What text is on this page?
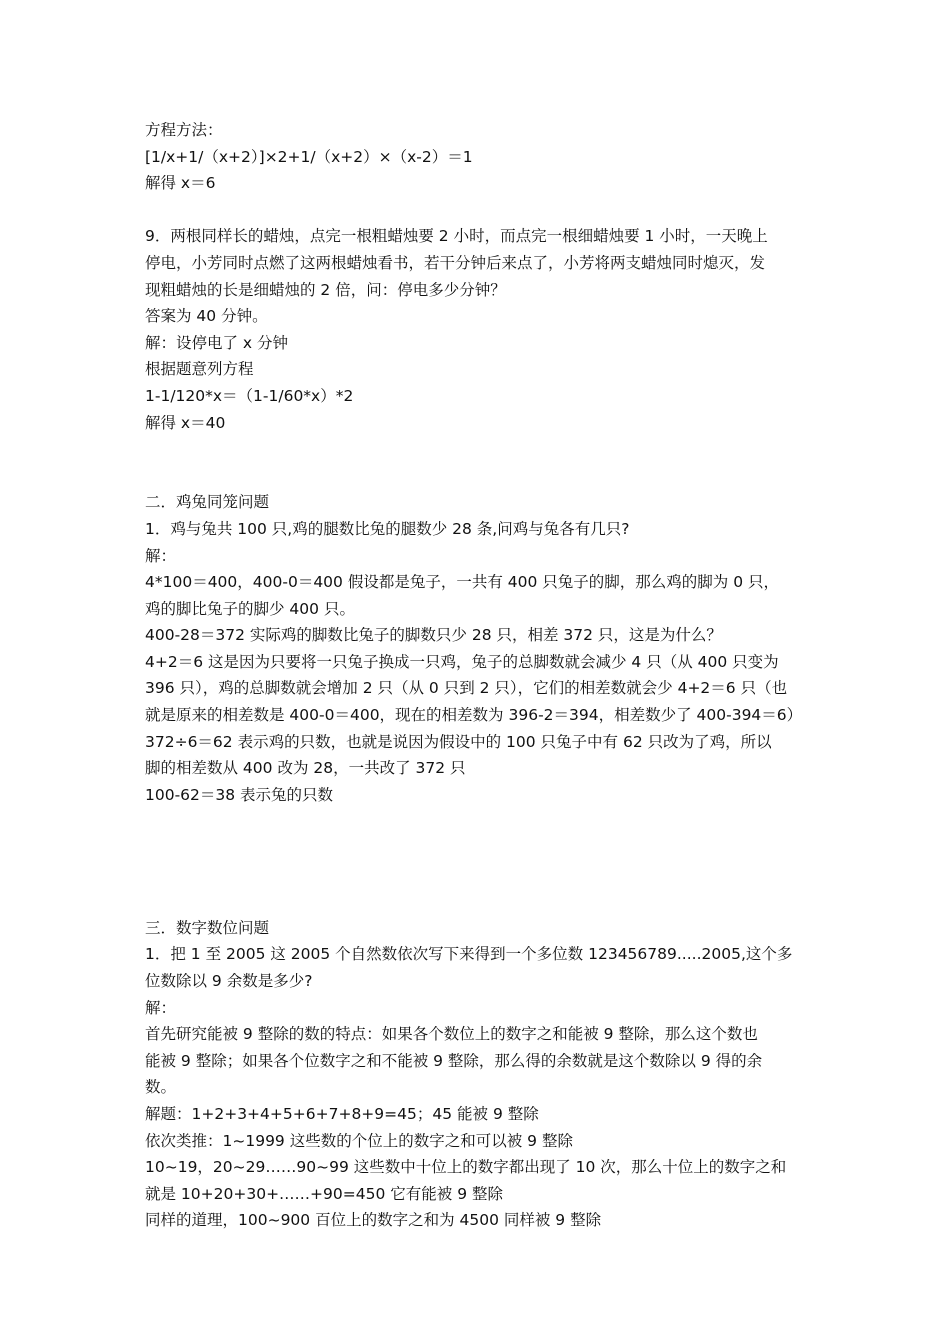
方程方法：
[1/x+1/（x+2）]×2+1/（x+2）×（x-2）＝1
解得 x＝6
9．两根同样长的蜡烛，点完一根粗蜡烛要 2 小时，而点完一根细蜡烛要 1 小时，一天晚上
停电，小芳同时点燃了这两根蜡烛看书，若干分钟后来点了，小芳将两支蜡烛同时熄灭，发
现粗蜡烛的长是细蜡烛的 2 倍，问：停电多少分钟？
答案为 40 分钟。
解：设停电了 x 分钟
根据题意列方程
1-1/120*x＝（1-1/60*x）*2
解得 x＝40
二．鸡兔同笼问题
1．鸡与兔共 100 只,鸡的腿数比兔的腿数少 28 条,问鸡与兔各有几只?
解：
4*100＝400，400-0＝400 假设都是兔子，一共有 400 只兔子的脚，那么鸡的脚为 0 只，
鸡的脚比兔子的脚少 400 只。
400-28＝372 实际鸡的脚数比兔子的脚数只少 28 只，相差 372 只，这是为什么？
4+2＝6 这是因为只要将一只兔子换成一只鸡，兔子的总脚数就会减少 4 只（从 400 只变为
396 只），鸡的总脚数就会增加 2 只（从 0 只到 2 只），它们的相差数就会少 4+2＝6 只（也
就是原来的相差数是 400-0＝400，现在的相差数为 396-2＝394，相差数少了 400-394＝6）
372÷6＝62 表示鸡的只数，也就是说因为假设中的 100 只兔子中有 62 只改为了鸡，所以
脚的相差数从 400 改为 28，一共改了 372 只
100-62＝38 表示兔的只数
三．数字数位问题
1．把 1 至 2005 这 2005 个自然数依次写下来得到一个多位数 123456789.....2005,这个多
位数除以 9 余数是多少?
解：
首先研究能被 9 整除的数的特点：如果各个数位上的数字之和能被 9 整除，那么这个数也
能被 9 整除；如果各个位数字之和不能被 9 整除，那么得的余数就是这个数除以 9 得的余
数。
解题：1+2+3+4+5+6+7+8+9=45；45 能被 9 整除
依次类推：1~1999 这些数的个位上的数字之和可以被 9 整除
10~19，20~29……90~99 这些数中十位上的数字都出现了 10 次，那么十位上的数字之和
就是 10+20+30+……+90=450 它有能被 9 整除
同样的道理，100~900 百位上的数字之和为 4500 同样被 9 整除
